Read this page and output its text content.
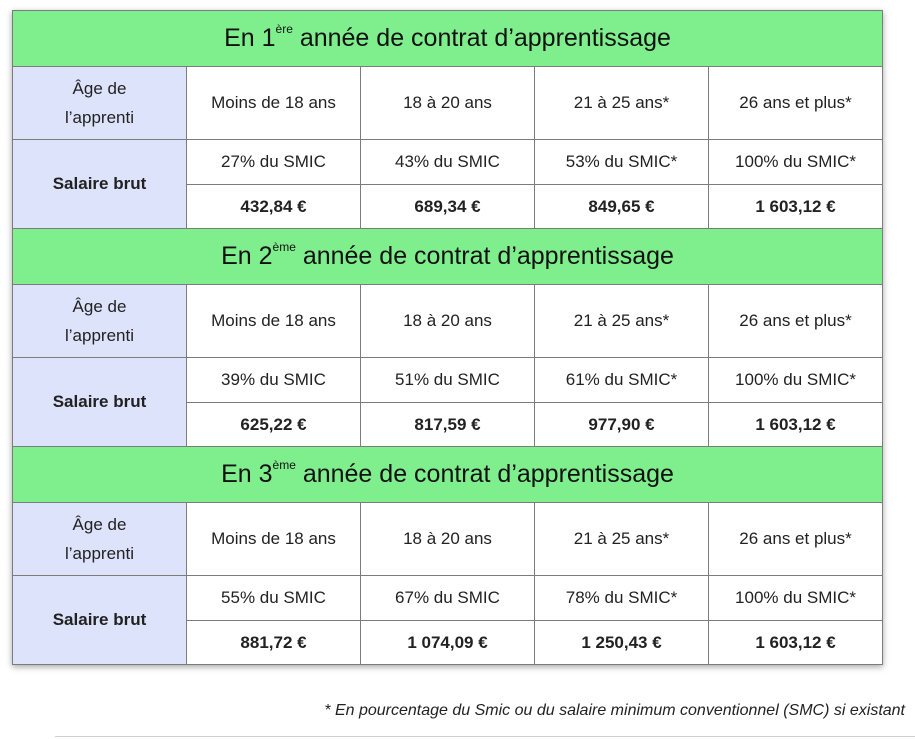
En 1ère année de contrat d’apprentissage				
Âge de
l’apprenti	Moins de 18 ans	18 à 20 ans	21 à 25 ans*	26 ans et plus*
Salaire brut	27% du SMIC	43% du SMIC	53% du SMIC*	100% du SMIC*
	432,84 €	689,34 €	849,65 €	1 603,12 €
En 2ème année de contrat d’apprentissage				
Âge de
l’apprenti	Moins de 18 ans	18 à 20 ans	21 à 25 ans*	26 ans et plus*
Salaire brut	39% du SMIC	51% du SMIC	61% du SMIC*	100% du SMIC*
	625,22 €	817,59 €	977,90 €	1 603,12 €
En 3ème année de contrat d’apprentissage				
Âge de
l’apprenti	Moins de 18 ans	18 à 20 ans	21 à 25 ans*	26 ans et plus*
Salaire brut	55% du SMIC	67% du SMIC	78% du SMIC*	100% du SMIC*
	881,72 €	1 074,09 €	1 250,43 €	1 603,12 €
* En pourcentage du Smic ou du salaire minimum conventionnel (SMC) si existant
